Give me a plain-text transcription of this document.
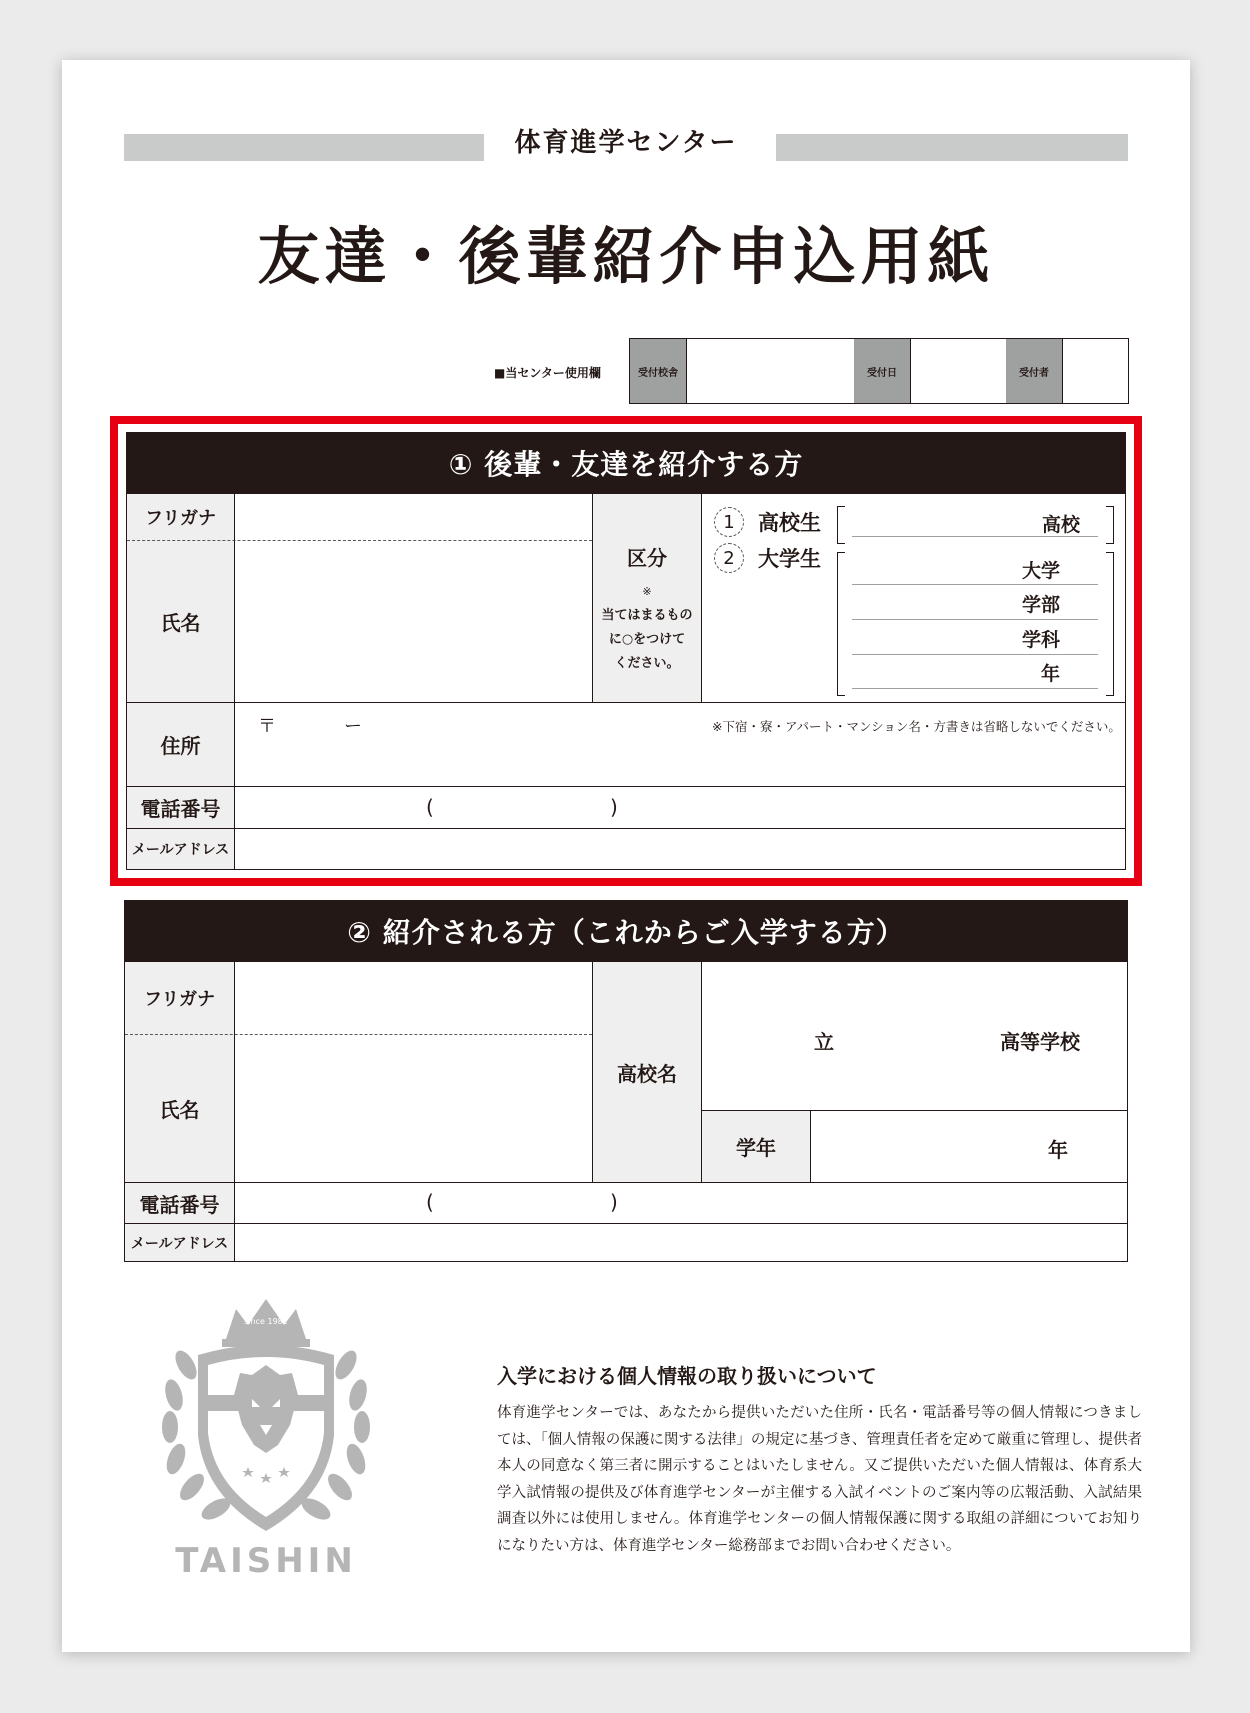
体育進学センター
友達・後輩紹介申込用紙
■当センター使用欄	受付校舎	受付日	受付者
① 後輩・友達を紹介する方
フリガナ
氏名
区分
※
当てはまるもの
に○をつけて
ください。
1	高校生
2	大学生
高校
大学
学部
学科
年
住所
〒	ー	※下宿・寮・アパート・マンション名・方書きは省略しないでください。
電話番号	(	)
メールアドレス
② 紹介される方（これからご入学する方）
フリガナ
氏名
高校名
立	高等学校
学年	年
電話番号	(	)
メールアドレス
since 1982
TAISHIN
入学における個人情報の取り扱いについて
体育進学センターでは、あなたから提供いただいた住所・氏名・電話番号等の個人情報につきましては、「個人情報の保護に関する法律」の規定に基づき、管理責任者を定めて厳重に管理し、提供者本人の同意なく第三者に開示することはいたしません。又ご提供いただいた個人情報は、体育系大学入試情報の提供及び体育進学センターが主催する入試イベントのご案内等の広報活動、入試結果調査以外には使用しません。体育進学センターの個人情報保護に関する取組の詳細についてお知りになりたい方は、体育進学センター総務部までお問い合わせください。
